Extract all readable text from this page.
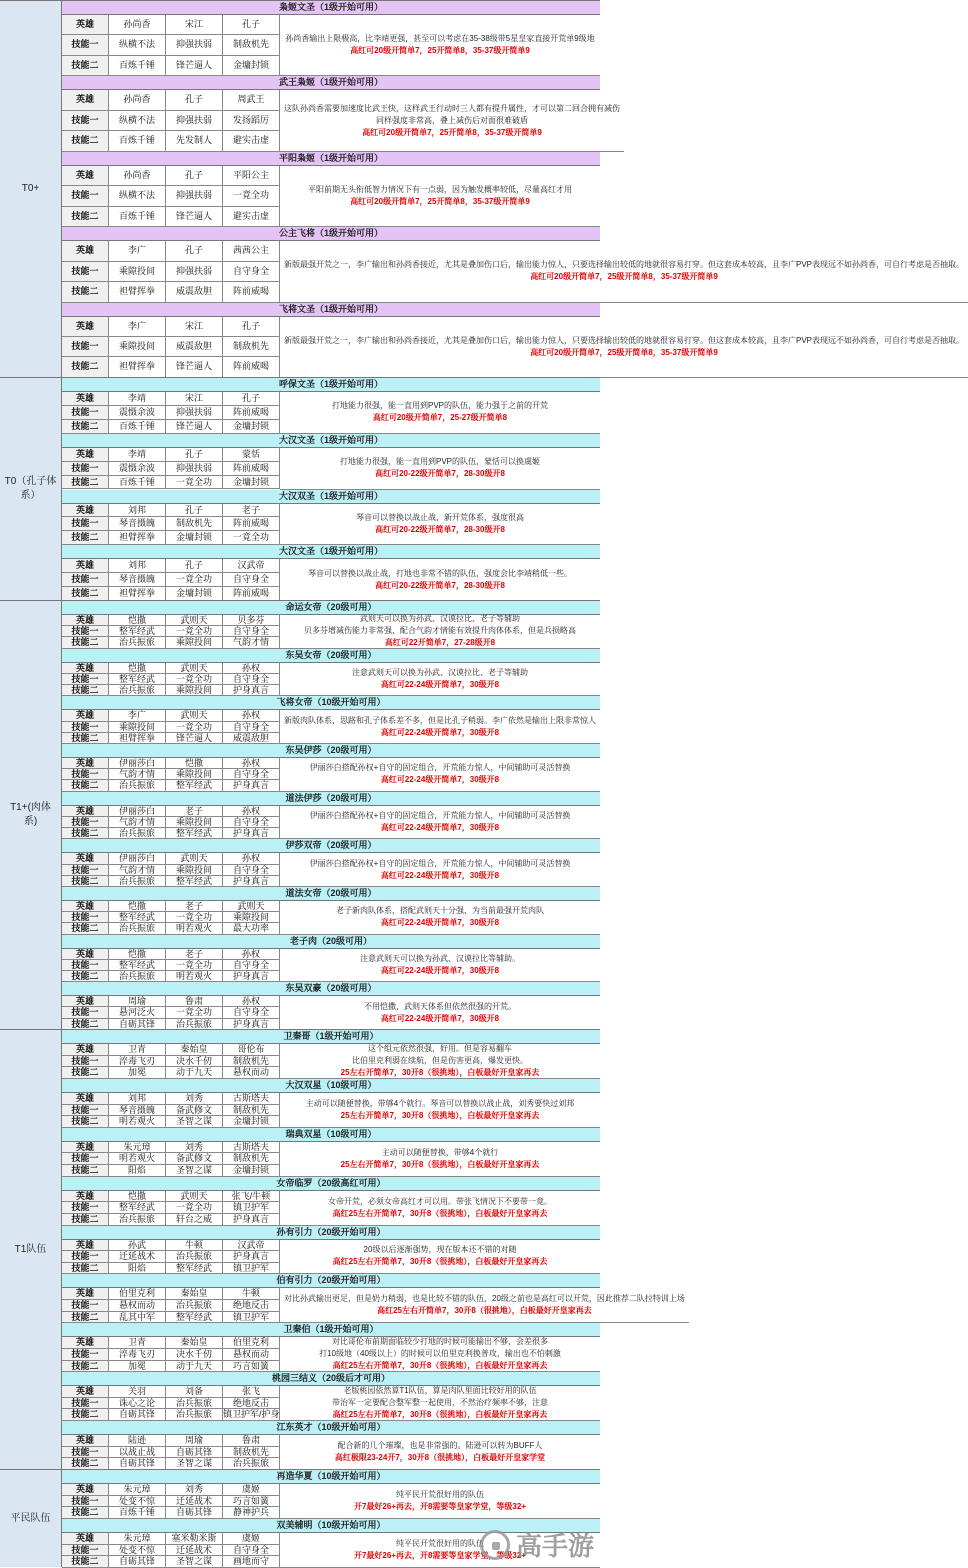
T0+
枭姬文圣（1级开始可用）
英雄	孙尚香	宋江	孔子
技能一	纵横不法	抑强扶弱	制敌机先
技能二	百炼千锤	锋芒逼人	金墉封锁
孙尚香输出上限极高，比李靖更强，甚至可以考虑在35-38级带5星皇家直接开荒单9级地
高红可20级开简单7，25开简单8，35-37级开简单9
武王枭姬（1级开始可用）
英雄	孙尚香	孔子	周武王
技能一	纵横不法	抑强扶弱	发扬蹈厉
技能二	百炼千锤	先发制人	避实击虚
这队孙尚香需要加速度比武王快，这样武王行动时三人都有提升属性，才可以第二回合拥有减伤
同样强度非常高，叠上减伤后对面很难破盾
高红可20级开简单7，25开简单8，35-37级开简单9
平阳枭姬（1级开始可用）
英雄	孙尚香	孔子	平阳公主
技能一	纵横不法	抑强扶弱	一竟全功
技能二	百炼千锤	锋芒逼人	避实击虚
平阳前期无头衔低智力情况下有一点弱，因为触发概率较低，尽量高红才用
高红可20级开简单7，25开简单8，35-37级开简单9
公主飞将（1级开始可用）
英雄	李广	孔子	茜茜公主
技能一	乘隙投间	抑强扶弱	自守身全
技能二	袒臂挥拳	威震敌胆	阵前威喝
新版最强开荒之一，李广输出和孙尚香接近，尤其是叠加伤口后，输出能力惊人，只要选择输出较低的地就很容易打穿。但这套成本较高，且李广PVP表现远不如孙尚香，可自行考虑是否抽取。
高红可20级开简单7，25级开简单8，35-37级开简单9
飞将文圣（1级开始可用）
英雄	李广	宋江	孔子
技能一	乘隙投间	威震敌胆	制敌机先
技能二	袒臂挥拳	锋芒逼人	阵前威喝
新版最强开荒之一，李广输出和孙尚香接近，尤其是叠加伤口后，输出能力惊人，只要选择输出较低的地就很容易打穿。但这套成本较高，且李广PVP表现远不如孙尚香，可自行考虑是否抽取。
高红可20级开简单7，25级开简单8，35-37级开简单9
T0（孔子体系）
呼保文圣（1级开始可用）
英雄	李靖	宋江	孔子
技能一	震慑余波	抑强扶弱	阵前威喝
技能二	百炼千锤	锋芒逼人	金墉封锁
打地能力很强，能一直用到PVP的队伍，能力强于之前的开荒
高红可20级开简单7，25-27级开简单8
大汉文圣（1级开始可用）
英雄	李靖	孔子	蒙恬
技能一	震慑余波	抑强扶弱	阵前威喝
技能二	百炼千锤	一竟全功	金墉封锁
打地能力很强，能一直用到PVP的队伍，蒙恬可以换虞姬
高红可20-22级开简单7，28-30级开8
大汉双圣（1级开始可用）
英雄	刘邦	孔子	老子
技能一	琴音摄魄	制敌机先	阵前威喝
技能二	袒臂挥拳	金墉封锁	一竟全功
琴音可以替换以战止战，新开荒体系，强度很高
高红可20-22级开简单7，28-30级开8
大汉文圣（1级开始可用）
英雄	刘邦	孔子	汉武帝
技能一	琴音摄魄	一竟全功	自守身全
技能二	袒臂挥拳	金墉封锁	阵前威喝
琴音可以替换以战止战，打地也非常不错的队伍，强度会比李靖稍低一些。
高红可20-22级开简单7，28-30级开8
T1+(肉体系)
命运女帝（20级可用）
英雄	恺撒	武则天	贝多芬
技能一	整军经武	一竟全功	自守身全
技能二	治兵振旅	乘隙投间	气韵才情
武则天可以换为孙武、汉谟拉比、老子等辅助
贝多芬增减伤能力非常强，配合气韵才情能有效提升肉体体系，但是兵损略高
高红可22开简单7，27-28级开8
东吴女帝（20级可用）
英雄	恺撒	武则天	孙权
技能一	整军经武	一竟全功	自守身全
技能二	治兵振旅	乘隙投间	护身真言
注意武则天可以换为孙武、汉谟拉比、老子等辅助
高红可22-24级开简单7，30级开8
飞将女帝（10级开始可用）
英雄	李广	武则天	孙权
技能一	乘隙投间	一竟全功	自守身全
技能二	袒臂挥拳	锋芒逼人	威震敌胆
新版肉队体系，思路和孔子体系差不多，但是比孔子稍弱。李广依然是输出上限非常惊人
高红可22-24级开简单7，30级开8
东吴伊莎（20级可用）
英雄	伊丽莎白	恺撒	孙权
技能一	气韵才情	乘隙投间	自守身全
技能二	治兵振旅	整军经武	护身真言
伊丽莎白搭配孙权+自守的固定组合，开荒能力惊人，中间辅助可灵活替换
高红可22-24级开简单7，30级开8
道法伊莎（20级可用）
英雄	伊丽莎白	老子	孙权
技能一	气韵才情	乘隙投间	自守身全
技能二	治兵振旅	整军经武	护身真言
伊丽莎白搭配孙权+自守的固定组合，开荒能力惊人，中间辅助可灵活替换
高红可22-24级开简单7，30级开8
伊莎双帝（20级可用）
英雄	伊丽莎白	武则天	孙权
技能一	气韵才情	乘隙投间	自守身全
技能二	治兵振旅	整军经武	护身真言
伊丽莎白搭配孙权+自守的固定组合，开荒能力惊人，中间辅助可灵活替换
高红可22-24级开简单7，30级开8
道法女帝（20级可用）
英雄	恺撒	老子	武则天
技能一	整军经武	一竟全功	乘隙投间
技能二	治兵振旅	明若观火	最大功率
老子新肉队体系，搭配武则天十分强，为当前最强开荒肉队
高红可22-24级开简单7，30级开8
老子肉（20级可用）
英雄	恺撒	老子	孙权
技能一	整军经武	一竟全功	自守身全
技能二	治兵振旅	明若观火	护身真言
注意武则天可以换为孙武、汉谟拉比等辅助。
高红可22-24级开简单7，30级开8
东吴双豪（20级可用）
英雄	周瑜	鲁肃	孙权
技能一	悬河泛火	一竟全功	自守身全
技能二	自砺其锋	治兵振旅	护身真言
不用恺撒，武则天体系但依然很强的开荒。
高红可22-24级开简单7，30级开8
T1队伍
卫秦哥（1级开始可用）
英雄	卫青	秦始皇	哥伦布
技能一	淬毒飞刃	决水千仞	制敌机先
技能二	加冕	动于九天	悬权而动
这个组元依然很强，好用。但是容易翻车
比伯里克利弱在续航，但是伤害更高，爆发更快。
25左右开简单7，30开8（很挑地），白板最好开皇家再去
大汉双星（10级可用）
英雄	刘邦	刘秀	古斯塔夫
技能一	琴音摄魄	备武修文	制敌机先
技能二	明若观火	圣智之谋	金墉封锁
主动可以随便替换，带够4个就行。琴音可以替换以战止战，刘秀要快过刘邦
25左右开简单7，30开8（很挑地），白板最好开皇家再去
瑞典双星（10级可用）
英雄	朱元璋	刘秀	古斯塔夫
技能一	明若观火	备武修文	制敌机先
技能二	阳焰	圣智之谋	金墉封锁
主动可以随便替换，带够4个就行
25左右开简单7，30开8（很挑地），白板最好开皇家再去
女帝临罗（20级高红可用）
英雄	恺撒	武则天	张飞/牛顿
技能一	整军经武	一竟全功	镇卫护军
技能二	治兵振旅	轩台之威	护身真言
女帝开荒，必须女帝高红才可以用。带张飞情况下不要带一竟。
高红25左右开简单7，30开8（很挑地），白板最好开皇家再去
孙有引力（20级开始可用）
英雄	孙武	牛顿	汉武帝
技能一	迁延战术	治兵振旅	护身真言
技能二	阳焰	整军经武	镇卫护军
20级以后逐渐强势，现在版本还不错的对随
高红25左右开简单7，30开8（很挑地），白板最好开皇家再去
伯有引力（20级开始可用）
英雄	伯里克利	秦始皇	牛顿
技能一	悬权而动	治兵振旅	绝地反击
技能二	乱其中军	整军经武	镇卫护军
对比孙武输出更足，但是奶力稍弱，也是比较不错的队伍，20级之前也是高红可以开荒，因此推荐二队拉特训上场
高红25左右开简单7，30开8（很挑地），白板最好开皇家再去
卫秦伯（1级开始可用）
英雄	卫青	秦始皇	伯里克利
技能一	淬毒飞刃	决水千仞	悬权而动
技能二	加冕	动于九天	巧言如簧
对比哥伦布前期面临较少打地的时候可能输出不够，会差很多
打10级地（40级以上）的时候可以伯里克利换普攻，输出也不怕刺激
高红25左右开简单7，30开8（很挑地），白板最好开皇家再去
桃园三结义（20级后才可用）
英雄	关羽	刘备	张飞
技能一	诛心之论	治兵振旅	绝地反击
技能二	自砺其锋	治兵振旅	镇卫护军/护身
老版桃园依然算T1队伍，算是肉队里面比较好用的队伍
带治军一定要配合整军整一起使用，不然治疗频率不够，注意
高红25左右开简单7，30开8（很挑地），白板最好开皇家再去
江东英才（10级开始可用）
英雄	陆逊	周瑜	鲁肃
技能一	以战止战	自砺其锋	制敌机先
技能二	自砺其锋	圣智之谋	治兵振旅
配合新的几个璀璨，也是非常强的。陆逊可以转为BUFF人
高红极限23-24开7，30开8（很挑地），白板最好开皇家学堂
平民队伍
再造华夏（10级开始可用）
英雄	朱元璋	刘秀	虞姬
技能一	处变不惊	迁延战术	巧言如簧
技能二	百炼千锤	自砺其锋	静神护兵
纯平民开荒很好用的队伍
开7最好26+再去，开8需要等皇家学堂，等级32+
双美辅明（10级开始可用）
英雄	朱元璋	塞米勒米斯	虞姬
技能一	处变不惊	迁延战术	自守身全
技能二	自砺其锋	圣智之谋	画地而守
纯平民开荒很好用的队伍
开7最好26+再去，开8需要等皇家学堂，等级32+
高手游
